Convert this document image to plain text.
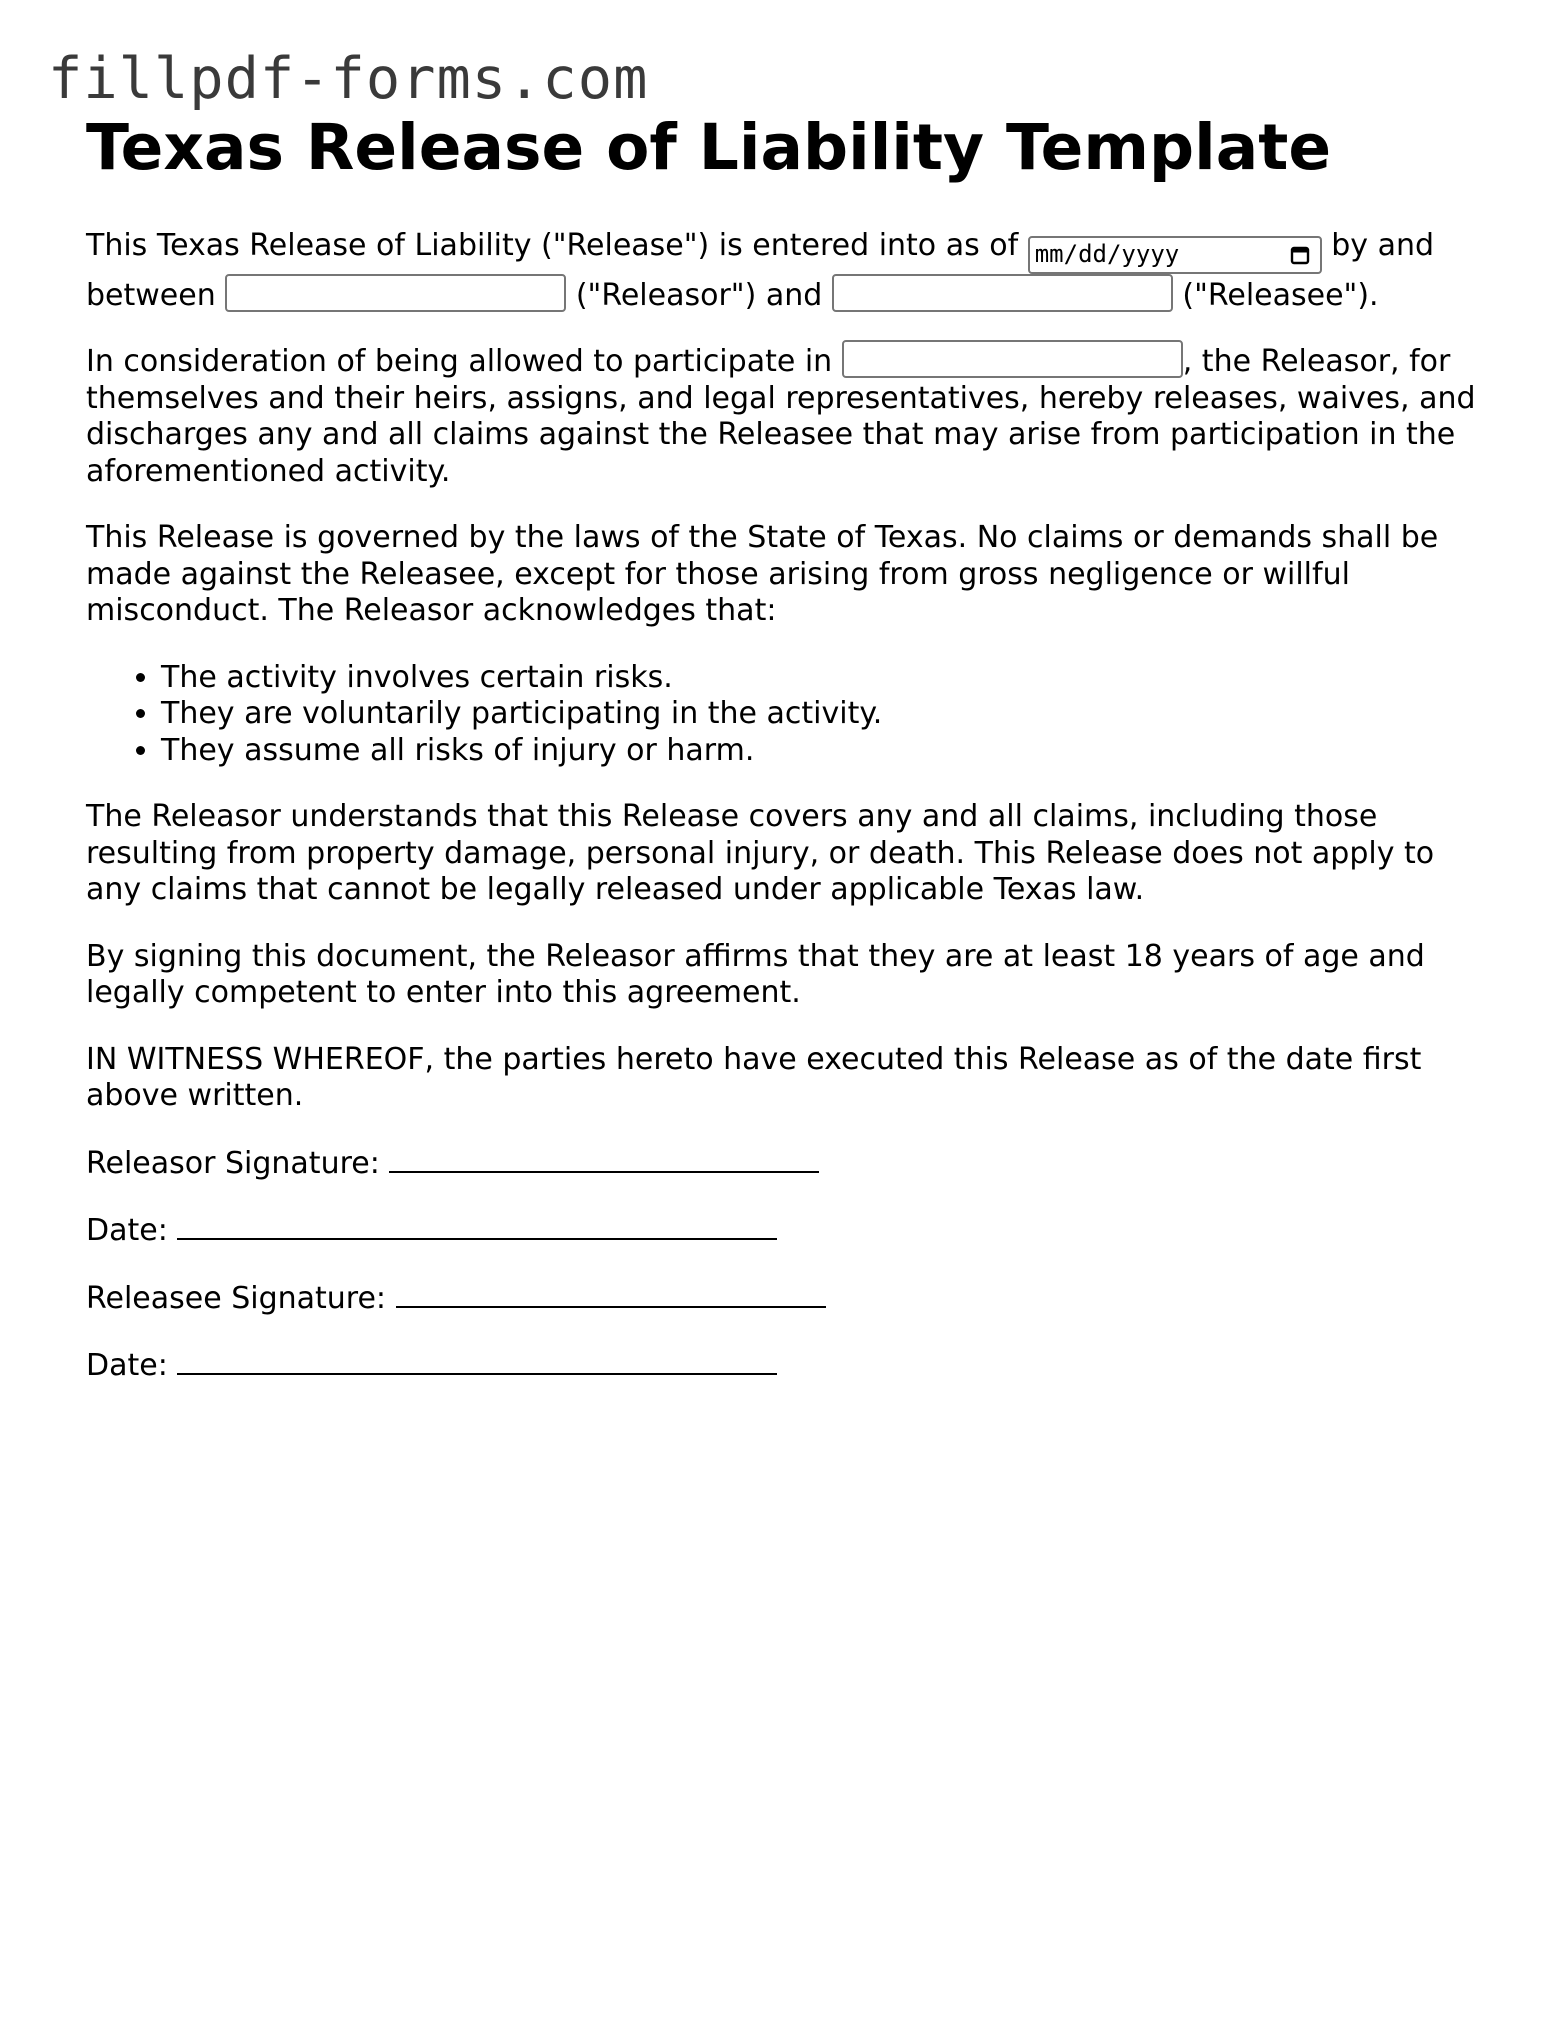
fillpdf-forms.com
Texas Release of Liability Template

This Texas Release of Liability ("Release") is entered into as of mm/dd/yyyy	by and between	("Releasor") and	("Releasee").

In consideration of being allowed to participate in	, the Releasor, for themselves and their heirs, assigns, and legal representatives, hereby releases, waives, and discharges any and all claims against the Releasee that may arise from participation in the aforementioned activity.

This Release is governed by the laws of the State of Texas. No claims or demands shall be made against the Releasee, except for those arising from gross negligence or willful misconduct. The Releasor acknowledges that:

• The activity involves certain risks.
• They are voluntarily participating in the activity.
• They assume all risks of injury or harm.

The Releasor understands that this Release covers any and all claims, including those resulting from property damage, personal injury, or death. This Release does not apply to any claims that cannot be legally released under applicable Texas law.

By signing this document, the Releasor affirms that they are at least 18 years of age and legally competent to enter into this agreement.

IN WITNESS WHEREOF, the parties hereto have executed this Release as of the date first above written.

Releasor Signature:

Date:

Releasee Signature:

Date:
